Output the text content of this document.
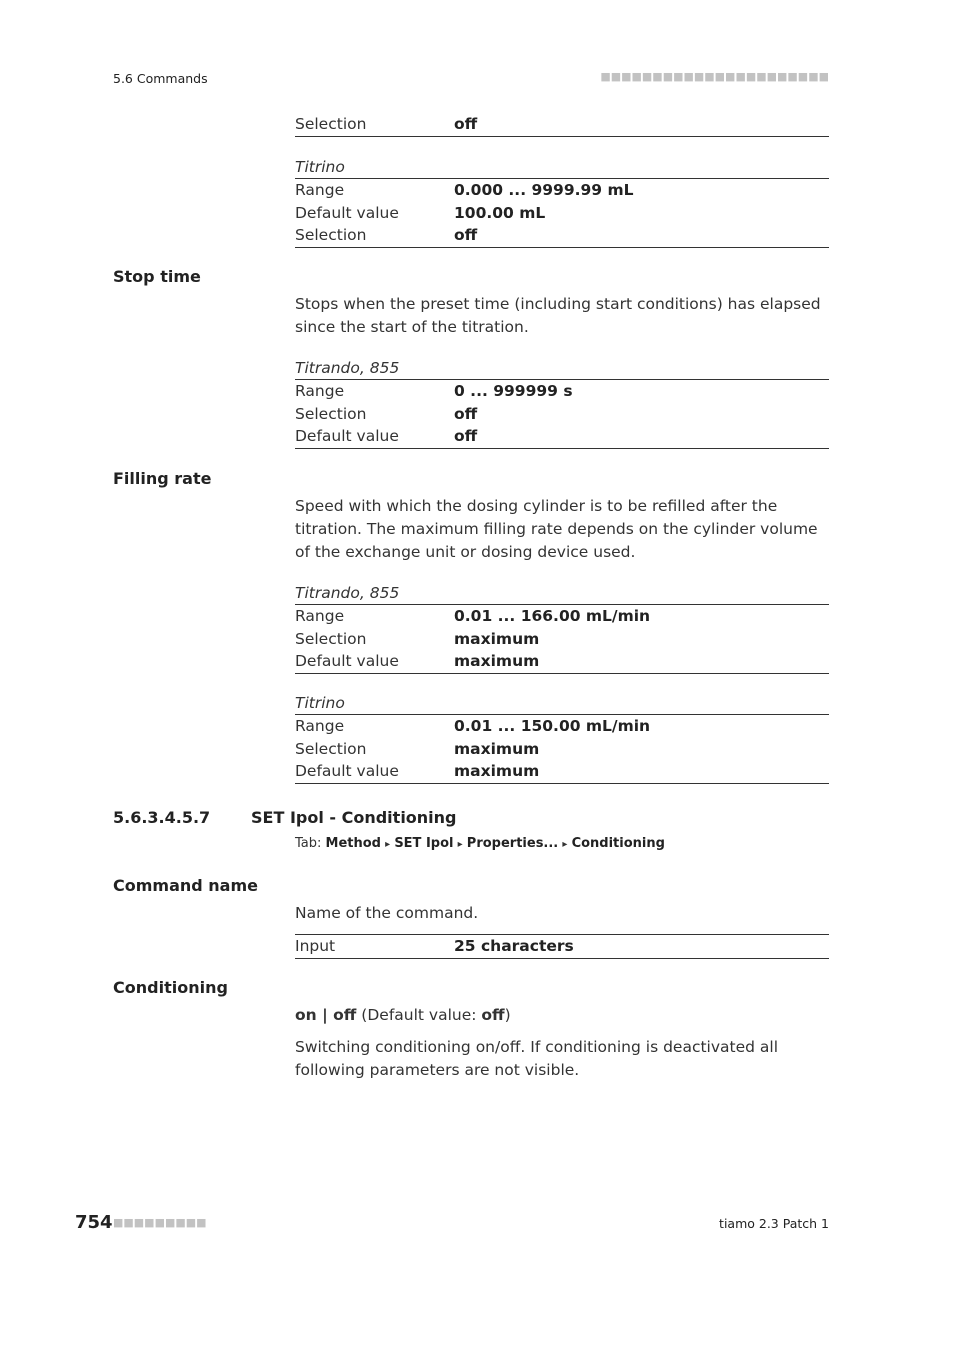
5.6 Commands	■■■■■■■■■■■■■■■■■■■■■■
Selection	off
Titrino
Range	0.000 ... 9999.99 mL
Default value	100.00 mL
Selection	off
Stop time
Stops when the preset time (including start conditions) has elapsed since the start of the titration.
Titrando, 855
Range	0 ... 999999 s
Selection	off
Default value	off
Filling rate
Speed with which the dosing cylinder is to be refilled after the titration. The maximum filling rate depends on the cylinder volume of the exchange unit or dosing device used.
Titrando, 855
Range	0.01 ... 166.00 mL/min
Selection	maximum
Default value	maximum
Titrino
Range	0.01 ... 150.00 mL/min
Selection	maximum
Default value	maximum
5.6.3.4.5.7	SET Ipol - Conditioning
Tab: Method ▸ SET Ipol ▸ Properties... ▸ Conditioning
Command name
Name of the command.
Input	25 characters
Conditioning
on | off (Default value: off)
Switching conditioning on/off. If conditioning is deactivated all following parameters are not visible.
754 ■■■■■■■■■	tiamo 2.3 Patch 1
